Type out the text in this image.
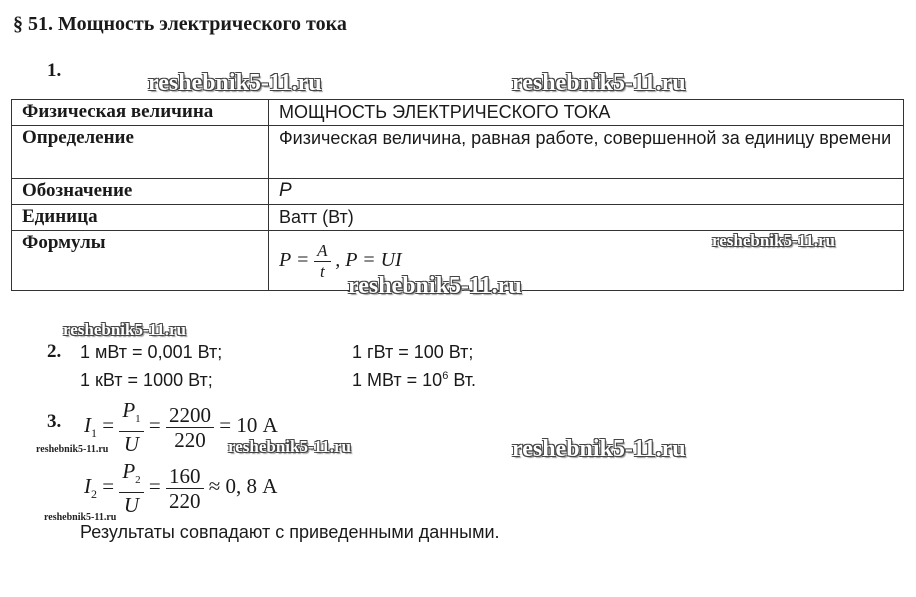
§ 51. Мощность электрического тока
1.	reshebnik5-11.ru	reshebnik5-11.ru
Физическая величина	МОЩНОСТЬ ЭЛЕКТРИЧЕСКОГО ТОКА
Определение	Физическая величина, равная работе, совершенной за единицу времени
Обозначение	P
Единица	Ватт (Вт)
Формулы	$P = \frac{A}{t}$ , P = UI
reshebnik5-11.ru
reshebnik5-11.ru
reshebnik5-11.ru
2. 1 мВт = 0,001 Вт;	1 гВт = 100 Вт;
1 кВт = 1000 Вт;	1 МВт = $10^6$ Вт.
3. $I_1 = \frac{P_1}{U} = \frac{2200}{220} = 10$ А
reshebnik5-11.ru	reshebnik5-11.ru	reshebnik5-11.ru
$I_2 = \frac{P_2}{U} = \frac{160}{220} \approx 0$, 8 А
reshebnik5-11.ru
Результаты совпадают с приведенными данными.
